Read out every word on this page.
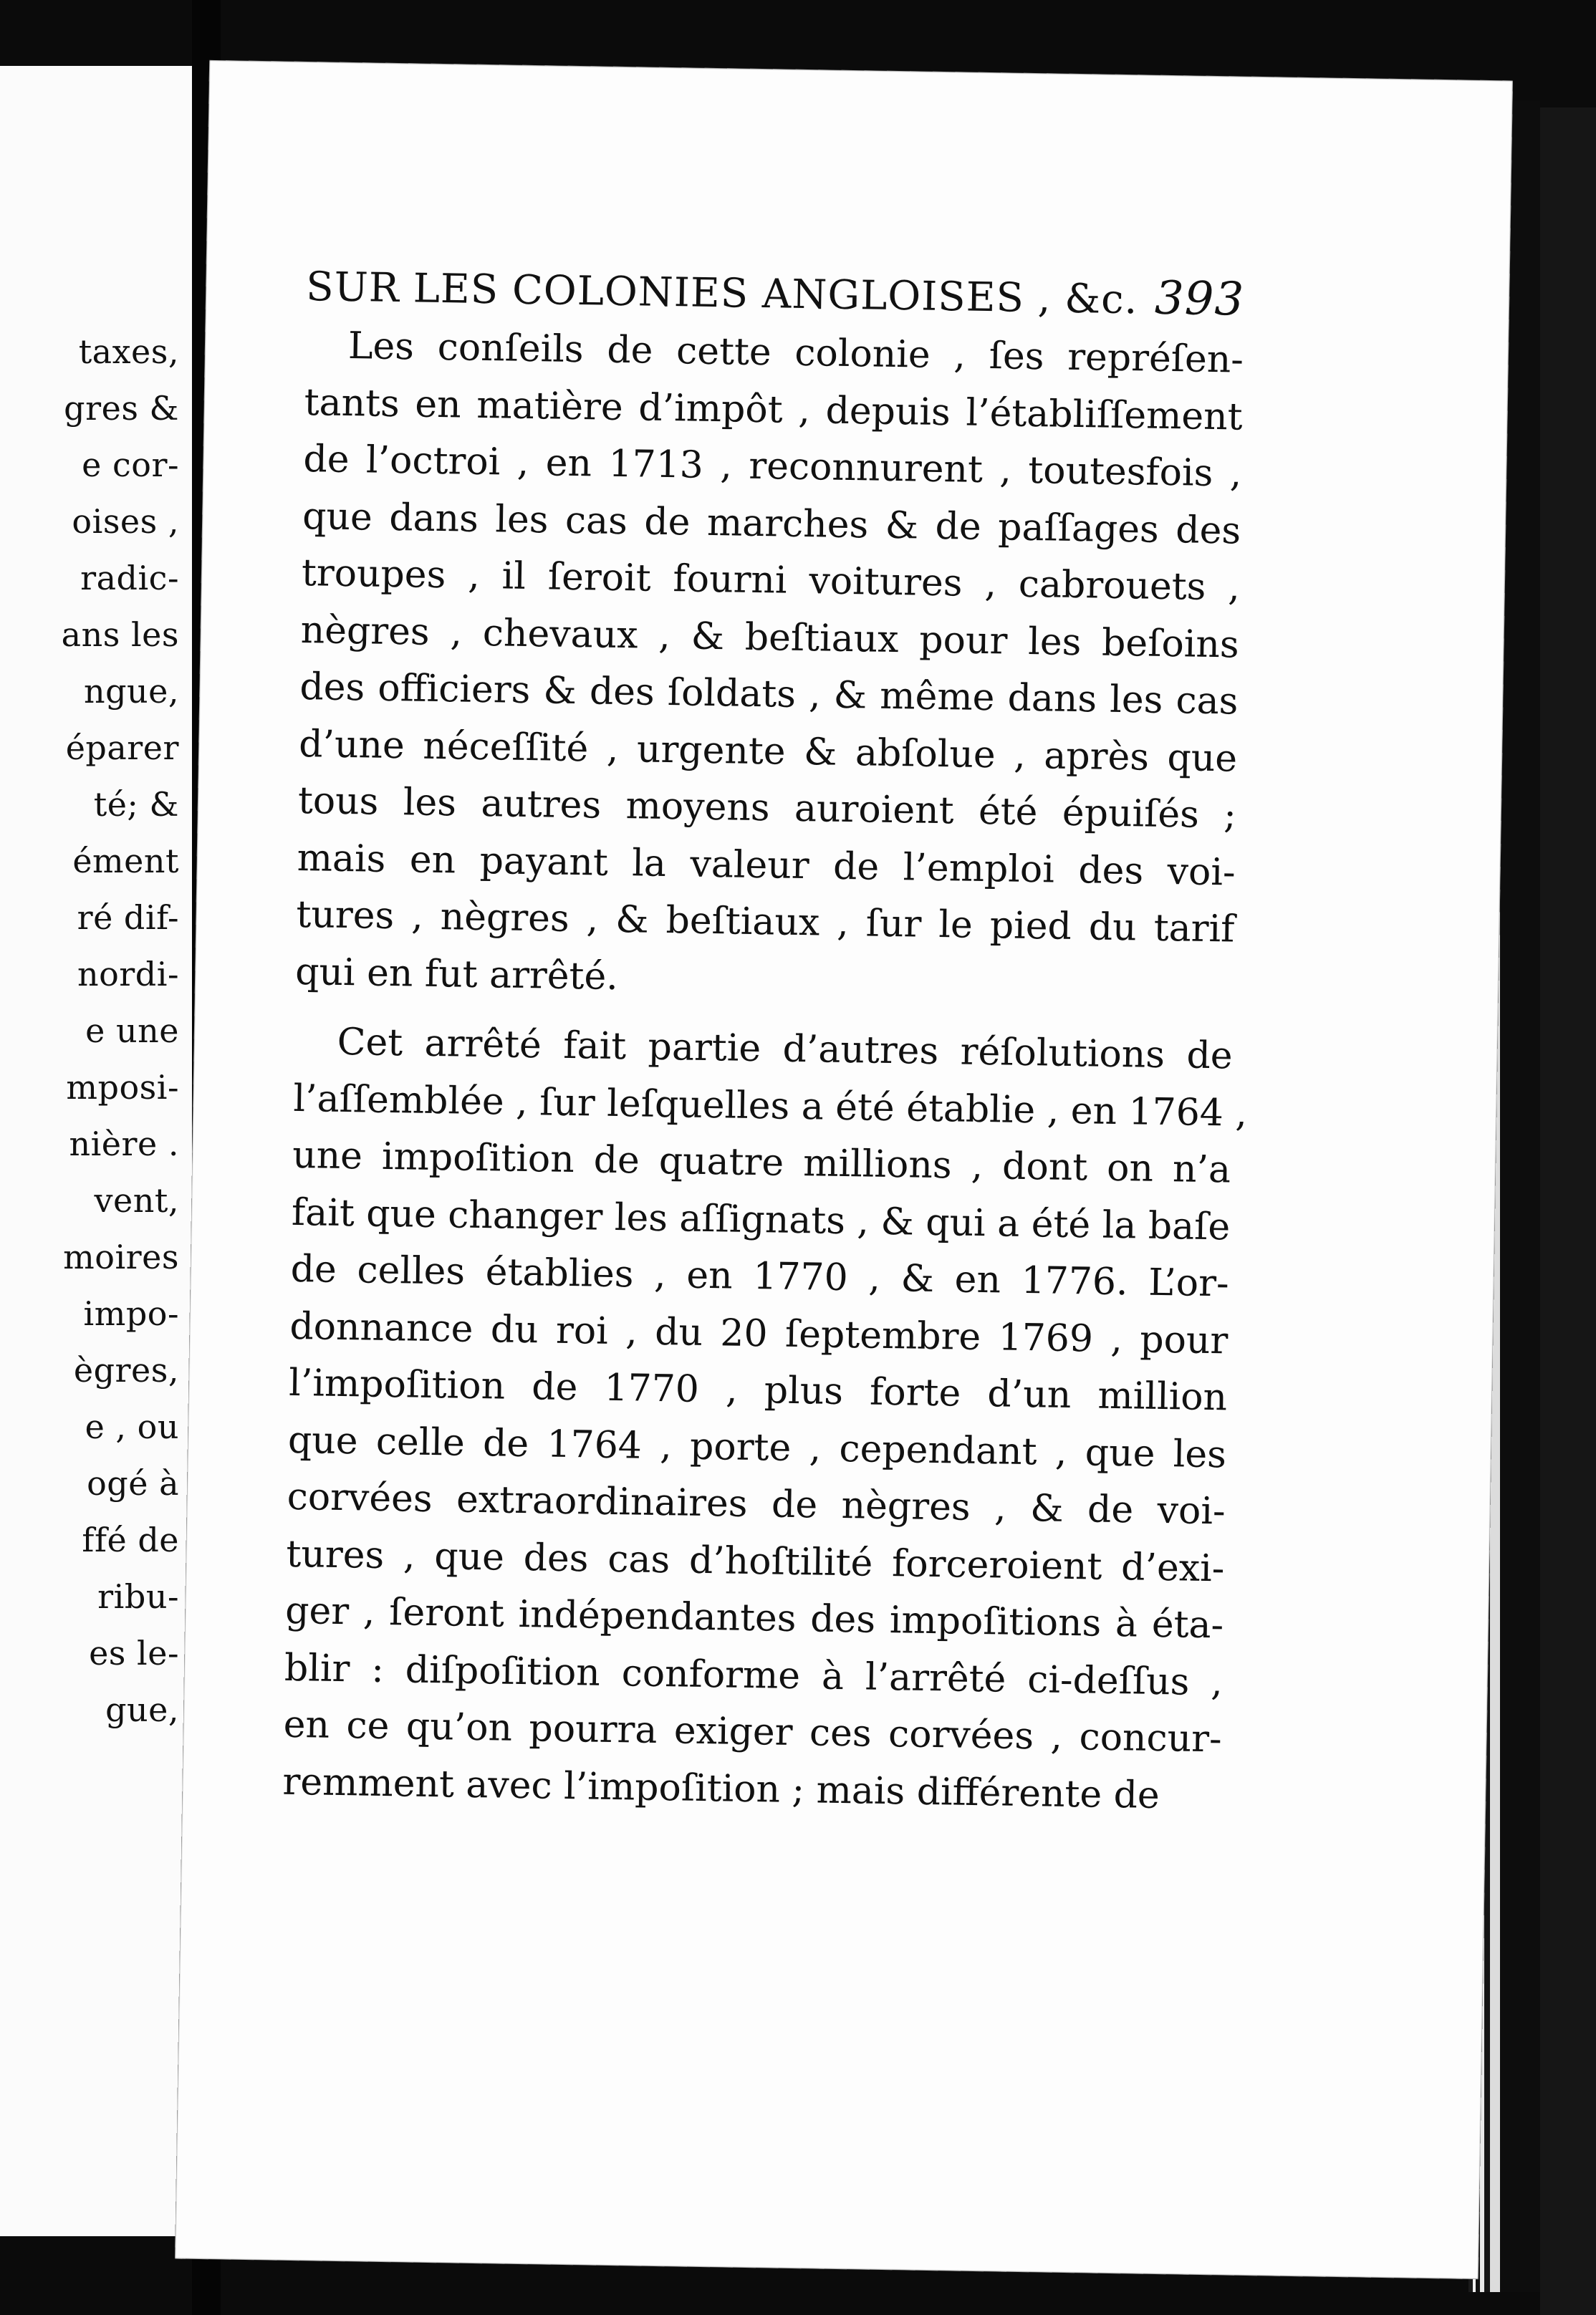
taxes,
gres &
e cor-
oises ,
radic-
ans les
ngue,
éparer
té; &
ément
ré dif-
nordi-
e une
mposi-
nière .
vent,
moires
impo-
ègres,
e , ou
ogé à
ffé de
ribu-
es le-
gue,
SUR LES COLONIES ANGLOISES , &c. 393
Les conſeils de cette colonie , ſes repréſen-
tants en matière d’impôt , depuis l’établiſſement
de l’octroi , en 1713 , reconnurent , toutesfois ,
que dans les cas de marches & de paſſages des
troupes , il ſeroit fourni voitures , cabrouets ,
nègres , chevaux , & beſtiaux pour les beſoins
des officiers & des ſoldats , & même dans les cas
d’une néceſſité , urgente & abſolue , après que
tous les autres moyens auroient été épuiſés ;
mais en payant la valeur de l’emploi des voi-
tures , nègres , & beſtiaux , ſur le pied du tarif
qui en fut arrêté.
Cet arrêté fait partie d’autres réſolutions de
l’aſſemblée , ſur leſquelles a été établie , en 1764 ,
une impoſition de quatre millions , dont on n’a
fait que changer les aſſignats , & qui a été la baſe
de celles établies , en 1770 , & en 1776. L’or-
donnance du roi , du 20 ſeptembre 1769 , pour
l’impoſition de 1770 , plus forte d’un million
que celle de 1764 , porte , cependant , que les
corvées extraordinaires de nègres , & de voi-
tures , que des cas d’hoſtilité forceroient d’exi-
ger , ſeront indépendantes des impoſitions à éta-
blir : diſpoſition conforme à l’arrêté ci-deſſus ,
en ce qu’on pourra exiger ces corvées , concur-
remment avec l’impoſition ; mais différente de
